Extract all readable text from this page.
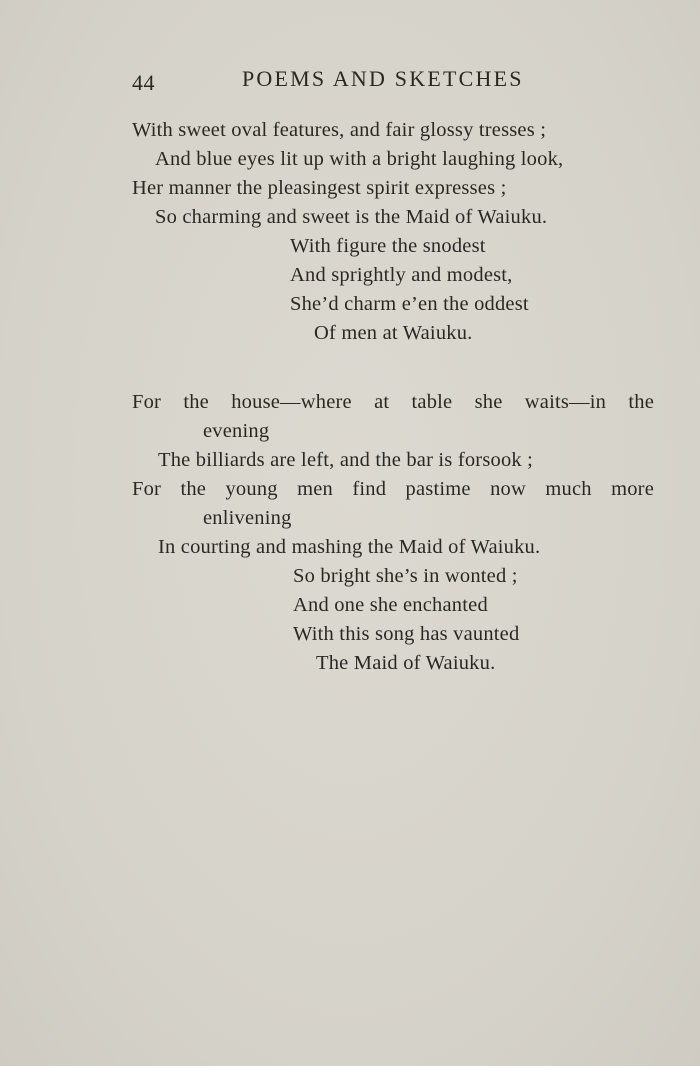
44	POEMS AND SKETCHES
With sweet oval features, and fair glossy tresses ;
And blue eyes lit up with a bright laughing look,
Her manner the pleasingest spirit expresses ;
So charming and sweet is the Maid of Waiuku.
With figure the snodest
And sprightly and modest,
She’d charm e’en the oddest
Of men at Waiuku.
For the house—where at table she waits—in the
evening
The billiards are left, and the bar is forsook ;
For the young men find pastime now much more
enlivening
In courting and mashing the Maid of Waiuku.
So bright she’s in wonted ;
And one she enchanted
With this song has vaunted
The Maid of Waiuku.
